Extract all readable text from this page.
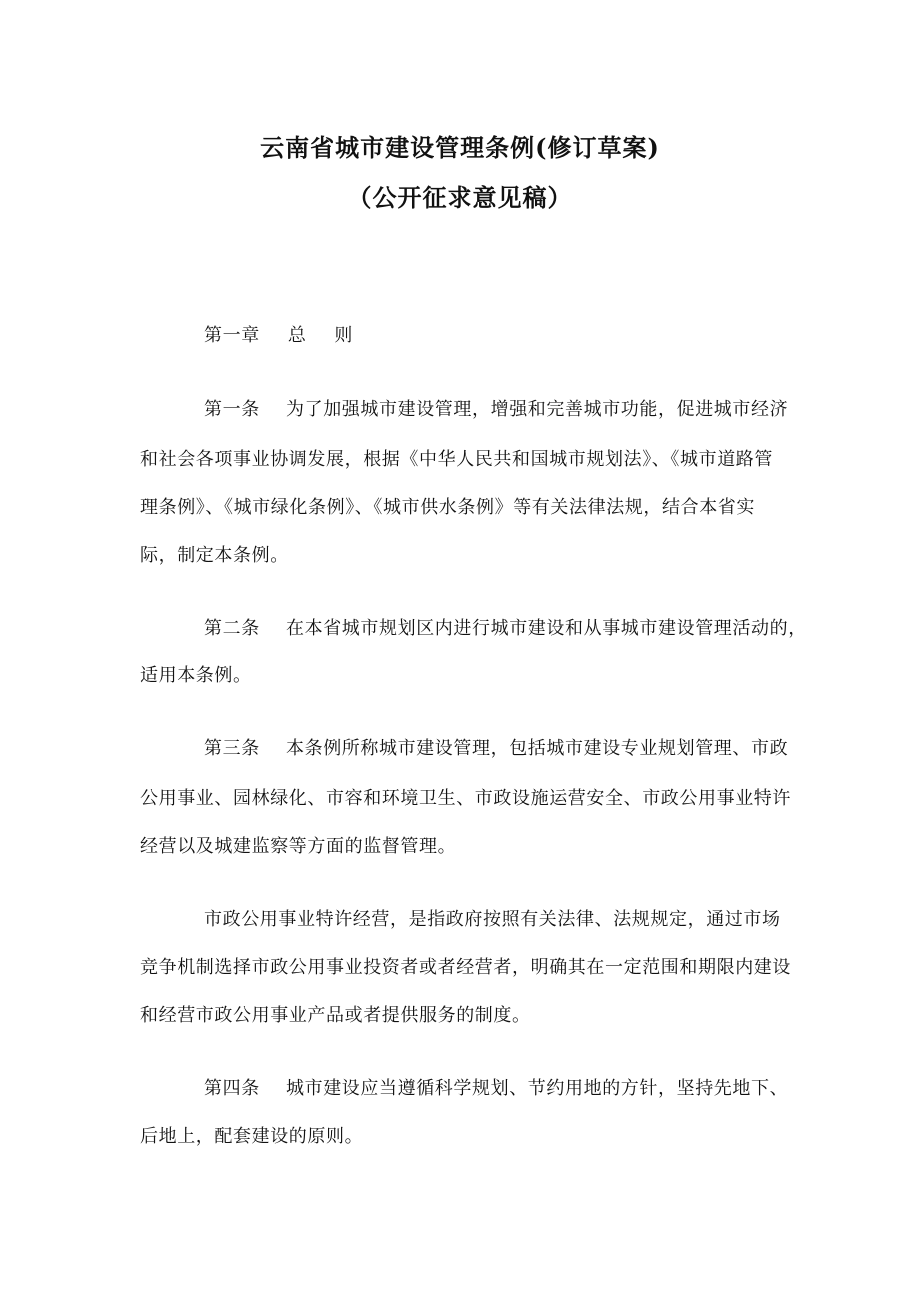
云南省城市建设管理条例(修订草案)
（公开征求意见稿）
第一章 总 则
第一条 为了加强城市建设管理，增强和完善城市功能，促进城市经济
和社会各项事业协调发展，根据《中华人民共和国城市规划法》、《城市道路管
理条例》、《城市绿化条例》、《城市供水条例》等有关法律法规，结合本省实
际，制定本条例。
第二条 在本省城市规划区内进行城市建设和从事城市建设管理活动的，
适用本条例。
第三条 本条例所称城市建设管理，包括城市建设专业规划管理、市政
公用事业、园林绿化、市容和环境卫生、市政设施运营安全、市政公用事业特许
经营以及城建监察等方面的监督管理。
市政公用事业特许经营，是指政府按照有关法律、法规规定，通过市场
竞争机制选择市政公用事业投资者或者经营者，明确其在一定范围和期限内建设
和经营市政公用事业产品或者提供服务的制度。
第四条 城市建设应当遵循科学规划、节约用地的方针，坚持先地下、
后地上，配套建设的原则。
